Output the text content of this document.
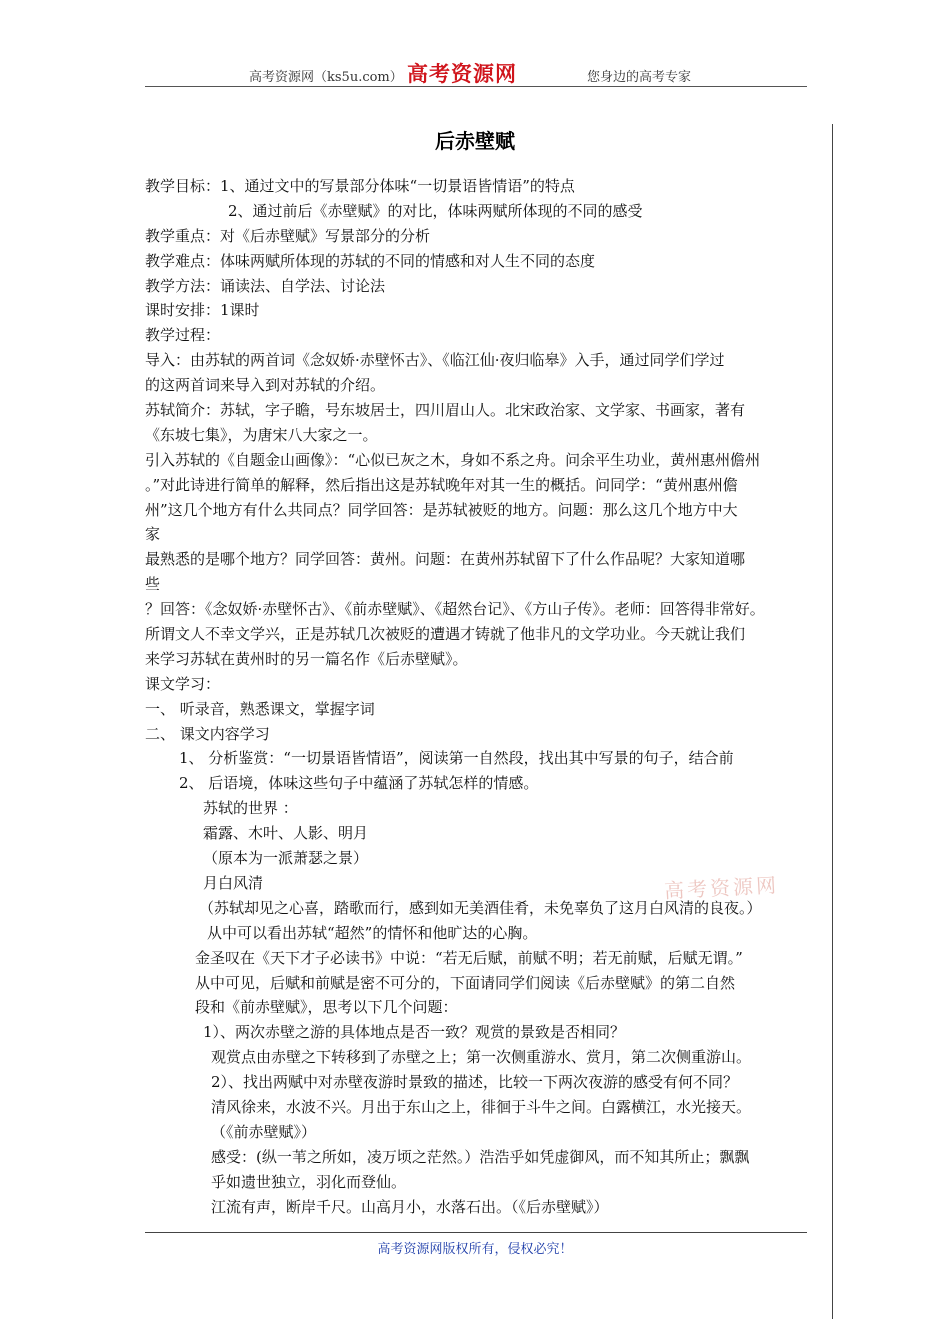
高考资源网（ks5u.com） 高考资源网	您身边的高考专家
后赤壁赋
教学目标：1、通过文中的写景部分体味“一切景语皆情语”的特点
2、通过前后《赤壁赋》的对比，体味两赋所体现的不同的感受
教学重点：对《后赤壁赋》写景部分的分析
教学难点：体味两赋所体现的苏轼的不同的情感和对人生不同的态度
教学方法：诵读法、自学法、讨论法
课时安排：1课时
教学过程：
导入：由苏轼的两首词《念奴娇·赤壁怀古》、《临江仙·夜归临皋》入手，通过同学们学过
的这两首词来导入到对苏轼的介绍。
苏轼简介：苏轼，字子瞻，号东坡居士，四川眉山人。北宋政治家、文学家、书画家，著有
《东坡七集》，为唐宋八大家之一。
引入苏轼的《自题金山画像》：“心似已灰之木，身如不系之舟。问余平生功业，黄州惠州儋州
。”对此诗进行简单的解释，然后指出这是苏轼晚年对其一生的概括。问同学：“黄州惠州儋
州”这几个地方有什么共同点？同学回答：是苏轼被贬的地方。问题：那么这几个地方中大
家
最熟悉的是哪个地方？同学回答：黄州。问题：在黄州苏轼留下了什么作品呢？大家知道哪
些
？回答：《念奴娇·赤壁怀古》、《前赤壁赋》、《超然台记》、《方山子传》。老师：回答得非常好。
所谓文人不幸文学兴，正是苏轼几次被贬的遭遇才铸就了他非凡的文学功业。今天就让我们
来学习苏轼在黄州时的另一篇名作《后赤壁赋》。
课文学习：
一、 听录音，熟悉课文，掌握字词
二、 课文内容学习
1、 分析鉴赏：“一切景语皆情语”，阅读第一自然段，找出其中写景的句子，结合前
2、 后语境，体味这些句子中蕴涵了苏轼怎样的情感。
苏轼的世界 ：
霜露、木叶、人影、明月
（原本为一派萧瑟之景）
月白风清
（苏轼却见之心喜，踏歌而行，感到如无美酒佳肴，未免辜负了这月白风清的良夜。）
从中可以看出苏轼“超然”的情怀和他旷达的心胸。
金圣叹在《天下才子必读书》中说：“若无后赋，前赋不明；若无前赋，后赋无谓。”
从中可见，后赋和前赋是密不可分的，下面请同学们阅读《后赤壁赋》的第二自然
段和《前赤壁赋》，思考以下几个问题：
1）、两次赤壁之游的具体地点是否一致？观赏的景致是否相同？
观赏点由赤壁之下转移到了赤壁之上；第一次侧重游水、赏月，第二次侧重游山。
2）、找出两赋中对赤壁夜游时景致的描述，比较一下两次夜游的感受有何不同？
清风徐来，水波不兴。月出于东山之上，徘徊于斗牛之间。白露横江，水光接天。
（《前赤壁赋》）
感受：(纵一苇之所如，凌万顷之茫然。）浩浩乎如凭虚御风，而不知其所止；飘飘
乎如遗世独立，羽化而登仙。
江流有声，断岸千尺。山高月小，水落石出。（《后赤壁赋》）
高考资源网
高考资源网版权所有，侵权必究！
